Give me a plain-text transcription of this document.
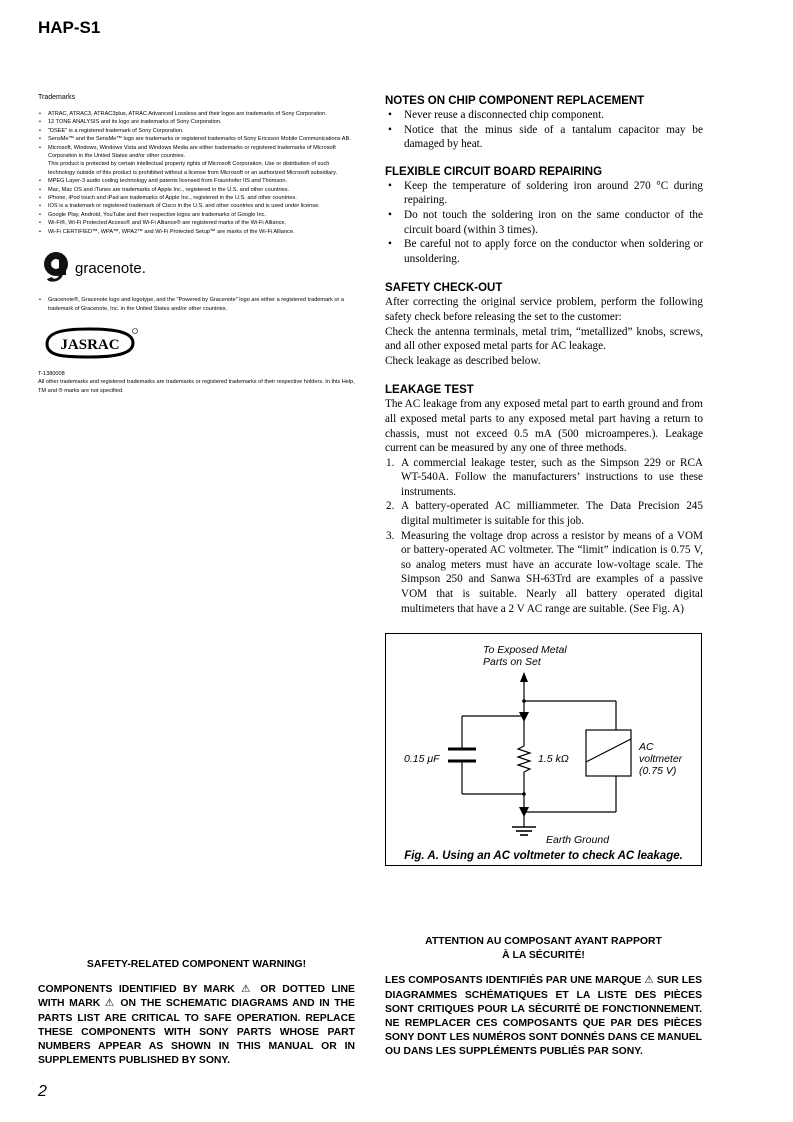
HAP-S1
Trademarks
• ATRAC, ATRAC3, ATRAC3plus, ATRAC Advanced Lossless and their logos are trademarks of Sony Corporation.
• 12 TONE ANALYSIS and its logo are trademarks of Sony Corporation.
• "DSEE" is a registered trademark of Sony Corporation.
• SensMe™ and the SensMe™ logo are trademarks or registered trademarks of Sony Ericsson Mobile Communications AB.
• Microsoft, Windows, Windows Vista and Windows Media are either trademarks or registered trademarks of Microsoft Corporation in the United States and/or other countries.
This product is protected by certain intellectual property rights of Microsoft Corporation. Use or distribution of such technology outside of this product is prohibited without a license from Microsoft or an authorized Microsoft subsidiary.
• MPEG Layer-3 audio coding technology and patents licensed from Fraunhofer IIS and Thomson.
• Mac, Mac OS and iTunes are trademarks of Apple Inc., registered in the U.S. and other countries.
• iPhone, iPod touch and iPad are trademarks of Apple Inc., registered in the U.S. and other countries.
• IOS is a trademark or registered trademark of Cisco in the U.S. and other countries and is used under license.
• Google Play, Android, YouTube and their respective logos are trademarks of Google Inc.
• Wi-Fi®, Wi-Fi Protected Access® and Wi-Fi Alliance® are registered marks of the Wi-Fi Alliance.
• Wi-Fi CERTIFIED™, WPA™, WPA2™ and Wi-Fi Protected Setup™ are marks of the Wi-Fi Alliance.
gracenote.
• Gracenote®, Gracenote logo and logotype, and the "Powered by Gracenote" logo are either a registered trademark or a trademark of Gracenote, Inc. in the United States and/or other countries.
JASRAC
T-1380008
All other trademarks and registered trademarks are trademarks or registered trademarks of their respective holders. In this Help, TM and ® marks are not specified.
NOTES ON CHIP COMPONENT REPLACEMENT
• Never reuse a disconnected chip component.
• Notice that the minus side of a tantalum capacitor may be damaged by heat.
FLEXIBLE CIRCUIT BOARD REPAIRING
• Keep the temperature of soldering iron around 270 °C during repairing.
• Do not touch the soldering iron on the same conductor of the circuit board (within 3 times).
• Be careful not to apply force on the conductor when soldering or unsoldering.
SAFETY CHECK-OUT

After correcting the original service problem, perform the following safety check before releasing the set to the customer:

Check the antenna terminals, metal trim, “metallized” knobs, screws, and all other exposed metal parts for AC leakage.

Check leakage as described below.

LEAKAGE TEST

The AC leakage from any exposed metal part to earth ground and from all exposed metal parts to any exposed metal part having a return to chassis, must not exceed 0.5 mA (500 microamperes.). Leakage current can be measured by any one of three methods.

1. A commercial leakage tester, such as the Simpson 229 or RCA WT-540A. Follow the manufacturers’ instructions to use these instruments.
2. A battery-operated AC milliammeter. The Data Precision 245 digital multimeter is suitable for this job.
3. Measuring the voltage drop across a resistor by means of a VOM or battery-operated AC voltmeter. The “limit” indication is 0.75 V, so analog meters must have an accurate low-voltage scale. The Simpson 250 and Sanwa SH-63Trd are examples of a passive VOM that is suitable. Nearly all battery operated digital multimeters that have a 2 V AC range are suitable. (See Fig. A)
To Exposed Metal
Parts on Set
0.15 μF	1.5 kΩ
AC
voltmeter
(0.75 V)
Earth Ground
Fig. A. Using an AC voltmeter to check AC leakage.

SAFETY-RELATED COMPONENT WARNING!

COMPONENTS IDENTIFIED BY MARK ⚠ OR DOTTED LINE WITH MARK ⚠ ON THE SCHEMATIC DIAGRAMS AND IN THE PARTS LIST ARE CRITICAL TO SAFE OPERATION. REPLACE THESE COMPONENTS WITH SONY PARTS WHOSE PART NUMBERS APPEAR AS SHOWN IN THIS MANUAL OR IN SUPPLEMENTS PUBLISHED BY SONY.

ATTENTION AU COMPOSANT AYANT RAPPORT

À LA SÉCURITÉ!

LES COMPOSANTS IDENTIFIÉS PAR UNE MARQUE ⚠ SUR LES DIAGRAMMES SCHÉMATIQUES ET LA LISTE DES PIÈCES SONT CRITIQUES POUR LA SÉCURITÉ DE FONCTIONNEMENT. NE REMPLACER CES COMPOSANTS QUE PAR DES PIÈCES SONY DONT LES NUMÉROS SONT DONNÉS DANS CE MANUEL OU DANS LES SUPPLÉMENTS PUBLIÉS PAR SONY.

2
